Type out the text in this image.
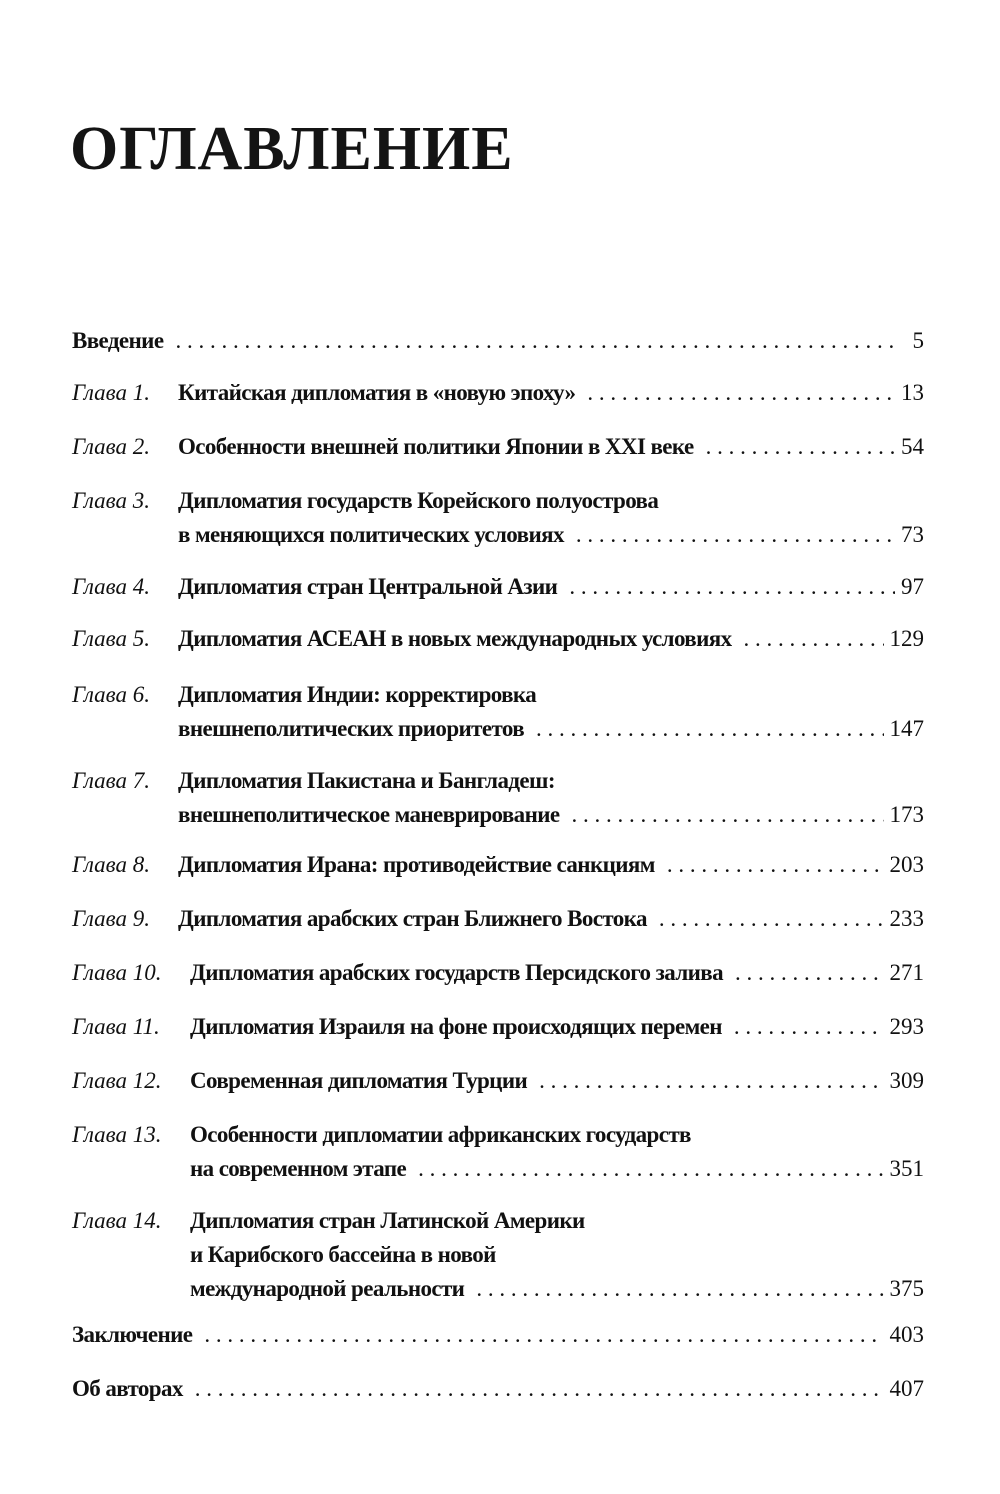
ОГЛАВЛЕНИЕ
Введение . . .	5
Глава 1.	Китайская дипломатия в «новую эпоху» . . .	13
Глава 2.	Особенности внешней политики Японии в XXI веке . . .	54
Глава 3.	Дипломатия государств Корейского полуострова
в меняющихся политических условиях . . .	73
Глава 4.	Дипломатия стран Центральной Азии . . .	97
Глава 5.	Дипломатия АСЕАН в новых международных условиях . . .	129
Глава 6.	Дипломатия Индии: корректировка
внешнеполитических приоритетов . . .	147
Глава 7.	Дипломатия Пакистана и Бангладеш:
внешнеполитическое маневрирование . . .	173
Глава 8.	Дипломатия Ирана: противодействие санкциям . . .	203
Глава 9.	Дипломатия арабских стран Ближнего Востока . . .	233
Глава 10.	Дипломатия арабских государств Персидского залива . . .	271
Глава 11.	Дипломатия Израиля на фоне происходящих перемен . . .	293
Глава 12.	Современная дипломатия Турции . . .	309
Глава 13.	Особенности дипломатии африканских государств
на современном этапе . . .	351
Глава 14.	Дипломатия стран Латинской Америки
и Карибского бассейна в новой
международной реальности . . .	375
Заключение . . .	403
Об авторах . . .	407
